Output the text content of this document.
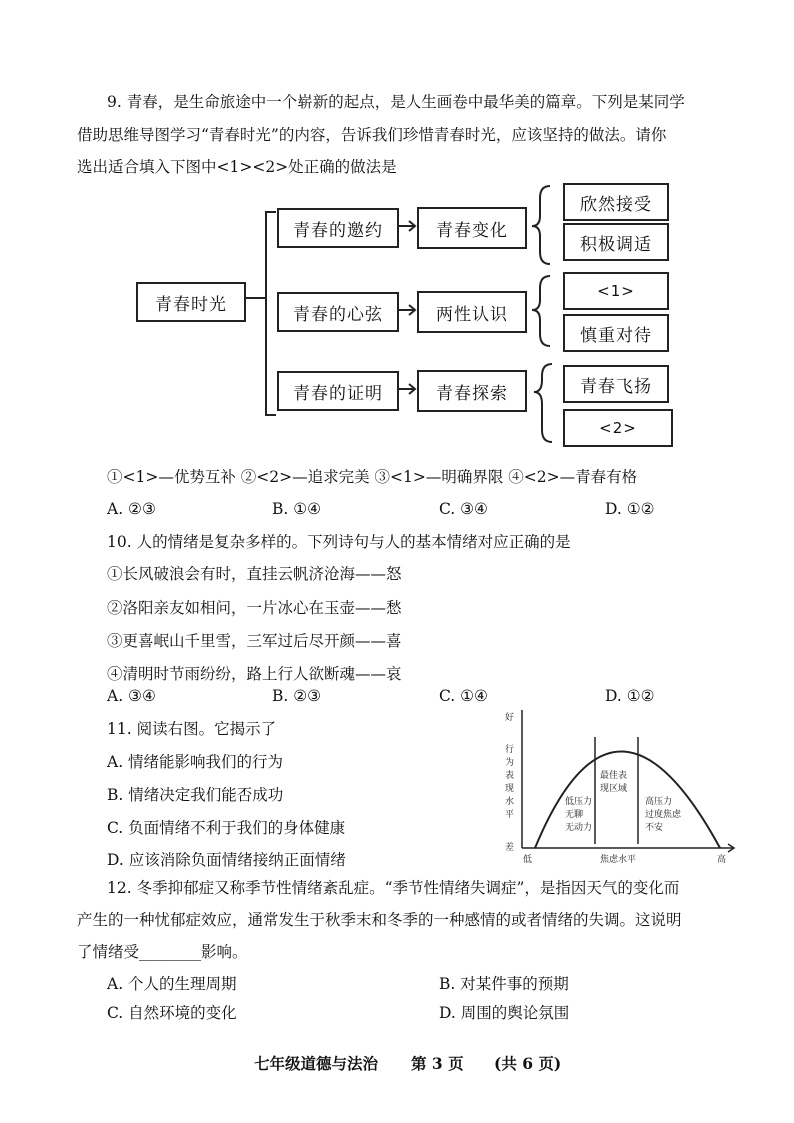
9. 青春，是生命旅途中一个崭新的起点，是人生画卷中最华美的篇章。下列是某同学
借助思维导图学习“青春时光”的内容，告诉我们珍惜青春时光，应该坚持的做法。请你
选出适合填入下图中<1><2>处正确的做法是
青春时光
青春的邀约
青春的心弦
青春的证明
青春变化
两性认识
青春探索
欣然接受
积极调适
<1>
慎重对待
青春飞扬
<2>
①<1>—优势互补 ②<2>—追求完美 ③<1>—明确界限 ④<2>—青春有格
A. ②③	B. ①④	C. ③④	D. ①②
10. 人的情绪是复杂多样的。下列诗句与人的基本情绪对应正确的是
①长风破浪会有时，直挂云帆济沧海——怒
②洛阳亲友如相问，一片冰心在玉壶——愁
③更喜岷山千里雪，三军过后尽开颜——喜
④清明时节雨纷纷，路上行人欲断魂——哀
A. ③④	B. ②③	C. ①④	D. ①②
11. 阅读右图。它揭示了
A. 情绪能影响我们的行为
B. 情绪决定我们能否成功
C. 负面情绪不利于我们的身体健康
D. 应该消除负面情绪接纳正面情绪
好
差
行
为
表
现
水
平
低	焦虑水平	高
低压力
无聊
无动力
最佳表
现区域
高压力
过度焦虑
不安
12. 冬季抑郁症又称季节性情绪紊乱症。“季节性情绪失调症”，是指因天气的变化而
产生的一种忧郁症效应，通常发生于秋季末和冬季的一种感情的或者情绪的失调。这说明
了情绪受________影响。
A. 个人的生理周期	B. 对某件事的预期
C. 自然环境的变化	D. 周围的舆论氛围
七年级道德与法治 第 3 页 (共 6 页)
